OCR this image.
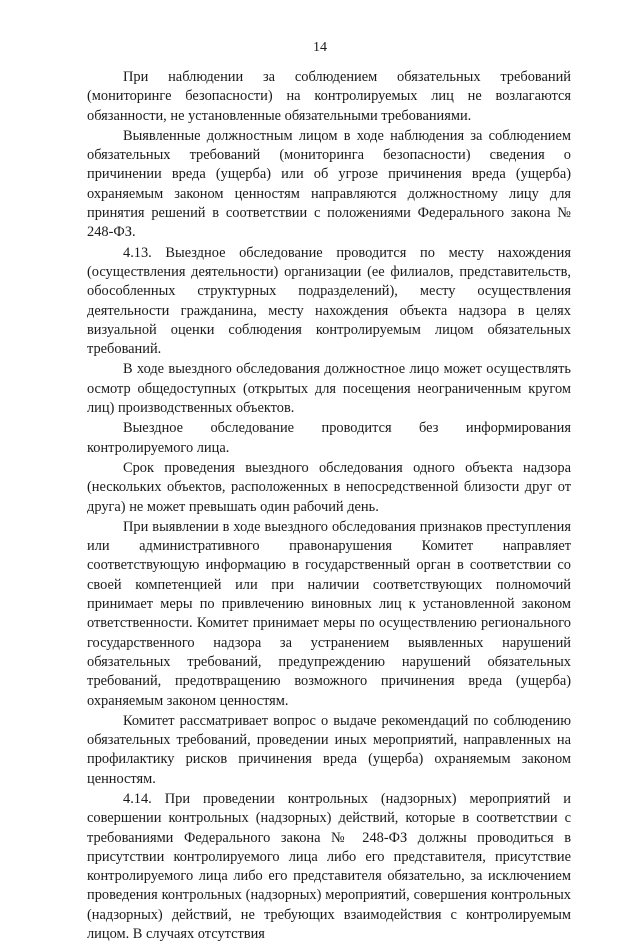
14

При наблюдении за соблюдением обязательных требований (мониторинге безопасности) на контролируемых лиц не возлагаются обязанности, не установленные обязательными требованиями.

Выявленные должностным лицом в ходе наблюдения за соблюдением обязательных требований (мониторинга безопасности) сведения о причинении вреда (ущерба) или об угрозе причинения вреда (ущерба) охраняемым законом ценностям направляются должностному лицу для принятия решений в соответствии с положениями Федерального закона № 248-ФЗ.

4.13. Выездное обследование проводится по месту нахождения (осуществления деятельности) организации (ее филиалов, представительств, обособленных структурных подразделений), месту осуществления деятельности гражданина, месту нахождения объекта надзора в целях визуальной оценки соблюдения контролируемым лицом обязательных требований.

В ходе выездного обследования должностное лицо может осуществлять осмотр общедоступных (открытых для посещения неограниченным кругом лиц) производственных объектов.

Выездное обследование проводится без информирования контролируемого лица.

Срок проведения выездного обследования одного объекта надзора (нескольких объектов, расположенных в непосредственной близости друг от друга) не может превышать один рабочий день.

При выявлении в ходе выездного обследования признаков преступления или административного правонарушения Комитет направляет соответствующую информацию в государственный орган в соответствии со своей компетенцией или при наличии соответствующих полномочий принимает меры по привлечению виновных лиц к установленной законом ответственности. Комитет принимает меры по осуществлению регионального государственного надзора за устранением выявленных нарушений обязательных требований, предупреждению нарушений обязательных требований, предотвращению возможного причинения вреда (ущерба) охраняемым законом ценностям.

Комитет рассматривает вопрос о выдаче рекомендаций по соблюдению обязательных требований, проведении иных мероприятий, направленных на профилактику рисков причинения вреда (ущерба) охраняемым законом ценностям.

4.14. При проведении контрольных (надзорных) мероприятий и совершении контрольных (надзорных) действий, которые в соответствии с требованиями Федерального закона № 248-ФЗ должны проводиться в присутствии контролируемого лица либо его представителя, присутствие контролируемого лица либо его представителя обязательно, за исключением проведения контрольных (надзорных) мероприятий, совершения контрольных (надзорных) действий, не требующих взаимодействия с контролируемым лицом. В случаях отсутствия
